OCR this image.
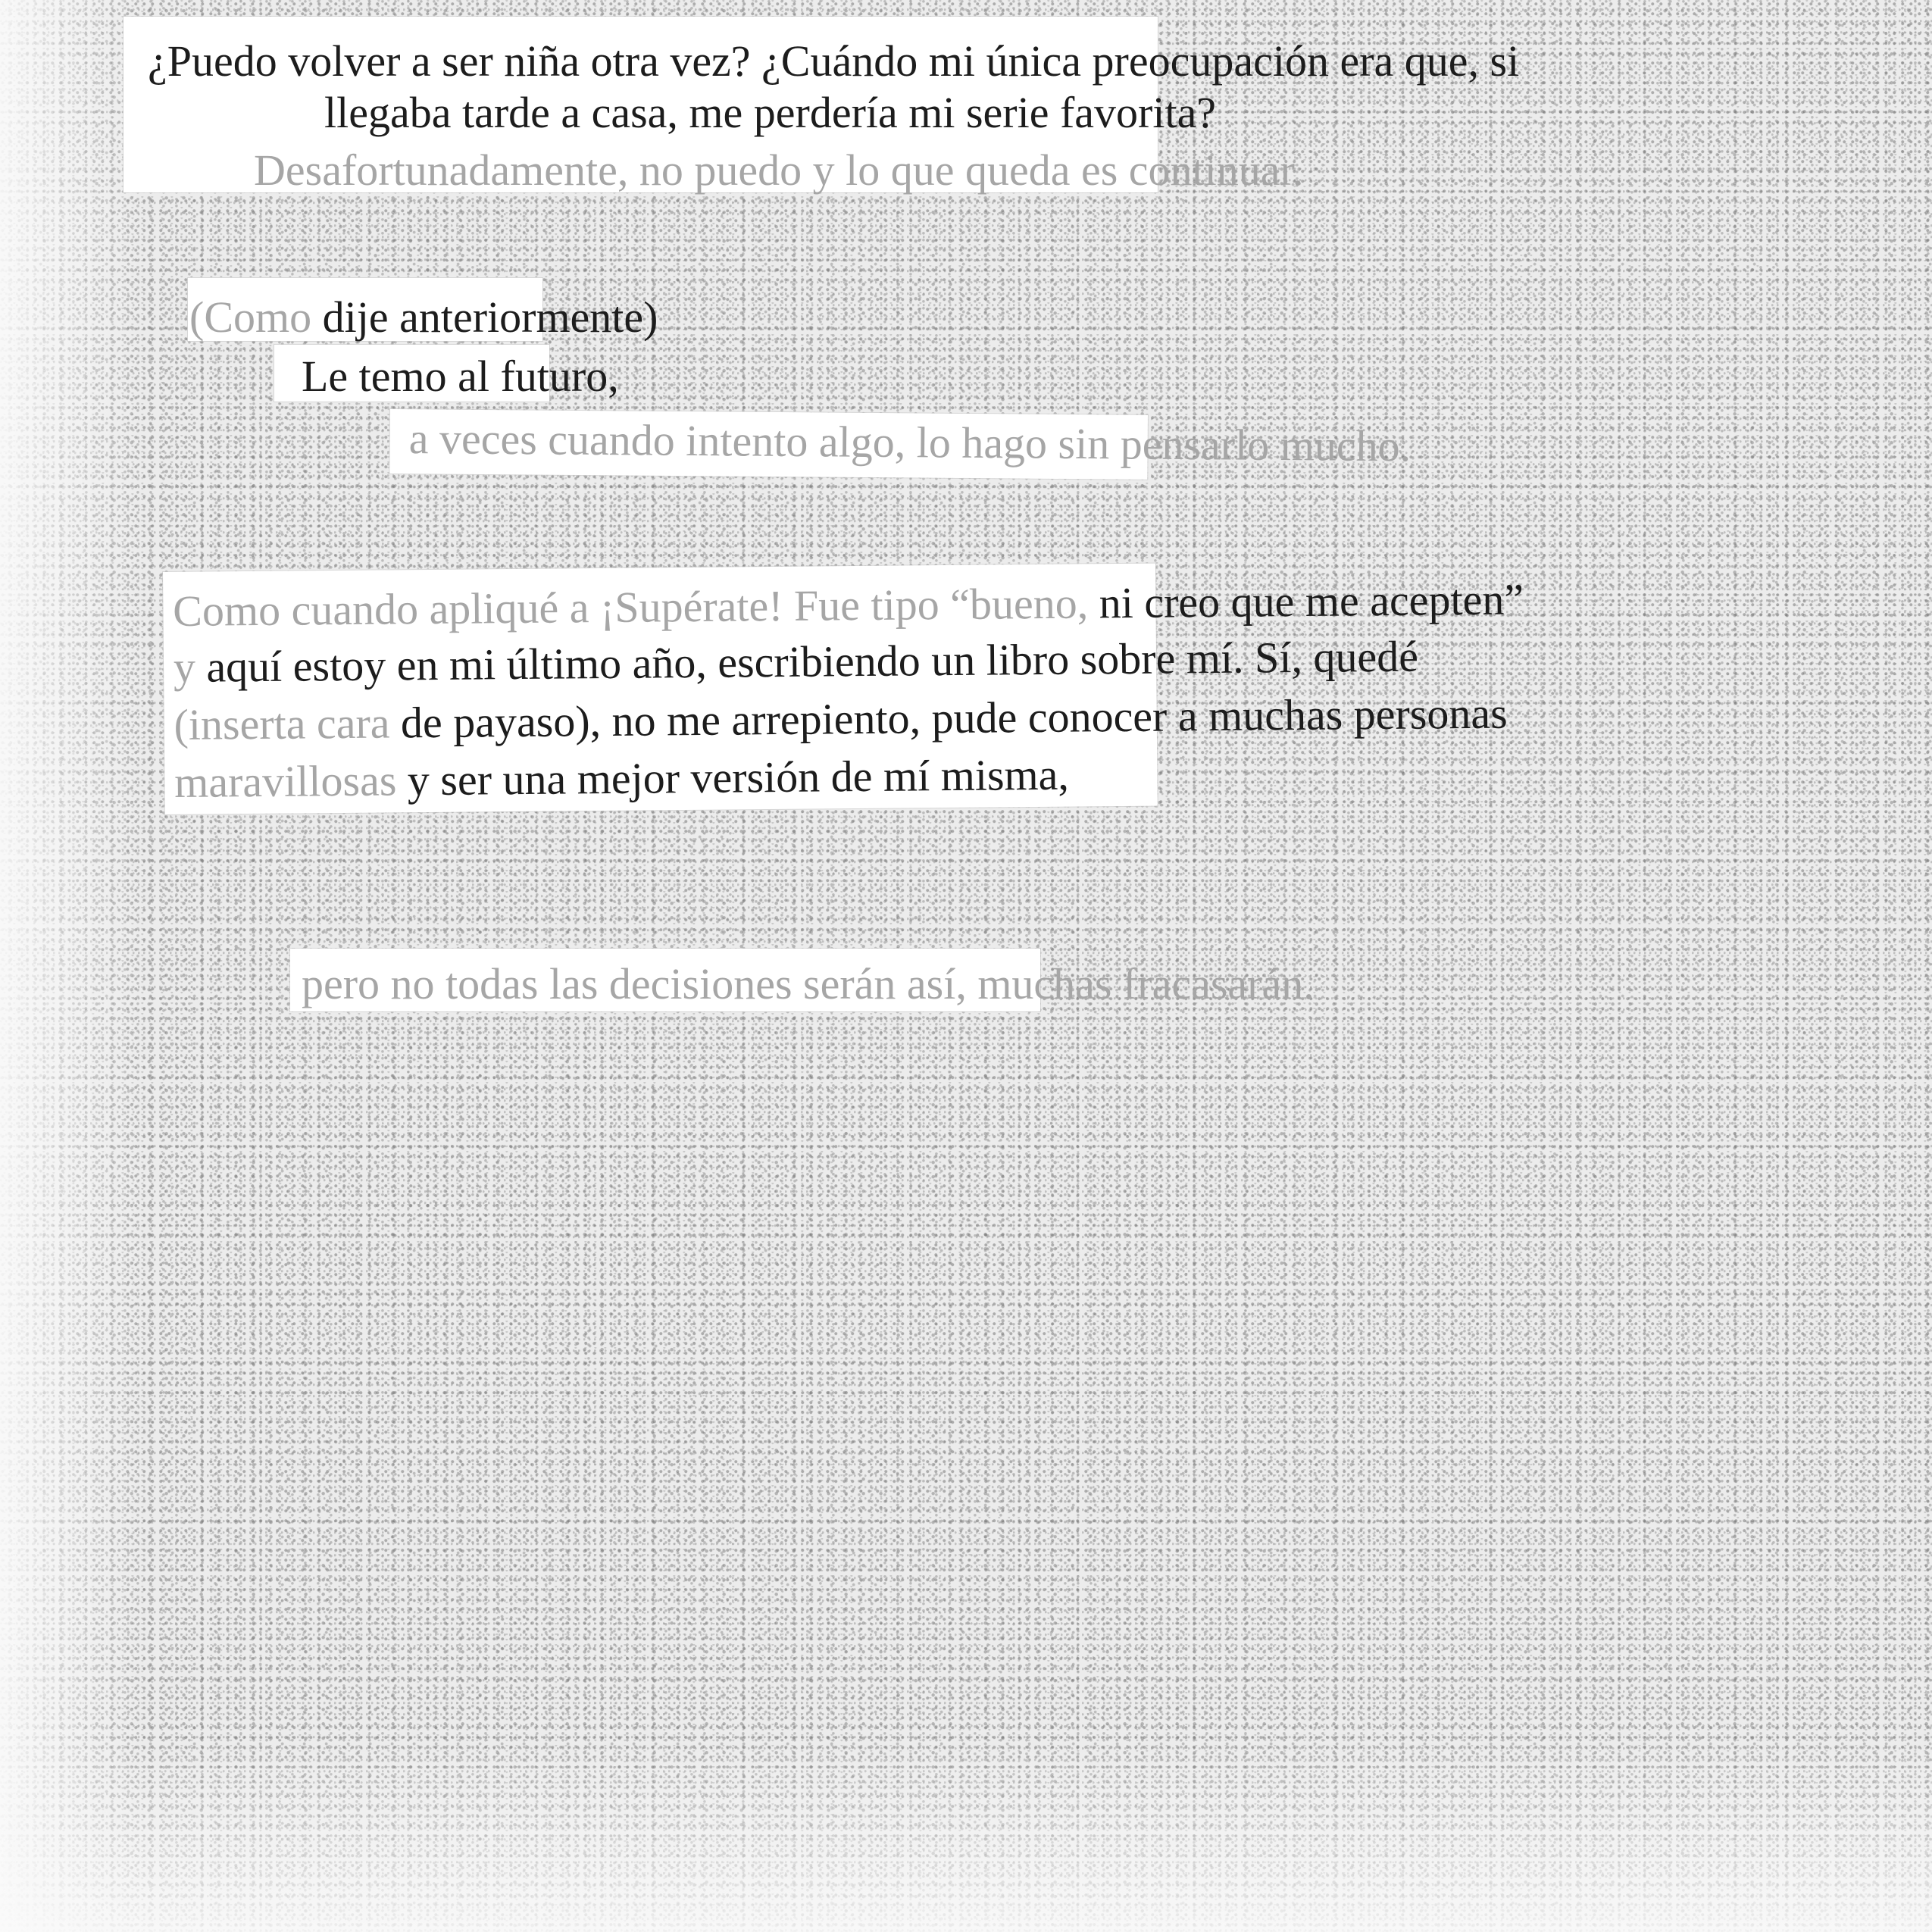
¿Puedo volver a ser niña otra vez? ¿Cuándo mi única preocupación era que, si
llegaba tarde a casa, me perdería mi serie favorita?
Desafortunadamente, no puedo y lo que queda es continuar.
(Como dije anteriormente)
Le temo al futuro,
a veces cuando intento algo, lo hago sin pensarlo mucho.
Como cuando apliqué a ¡Supérate! Fue tipo “bueno, ni creo que me acepten”
y aquí estoy en mi último año, escribiendo un libro sobre mí. Sí, quedé
(inserta cara de payaso), no me arrepiento, pude conocer a muchas personas
maravillosas y ser una mejor versión de mí misma,
pero no todas las decisiones serán así, muchas fracasarán.
